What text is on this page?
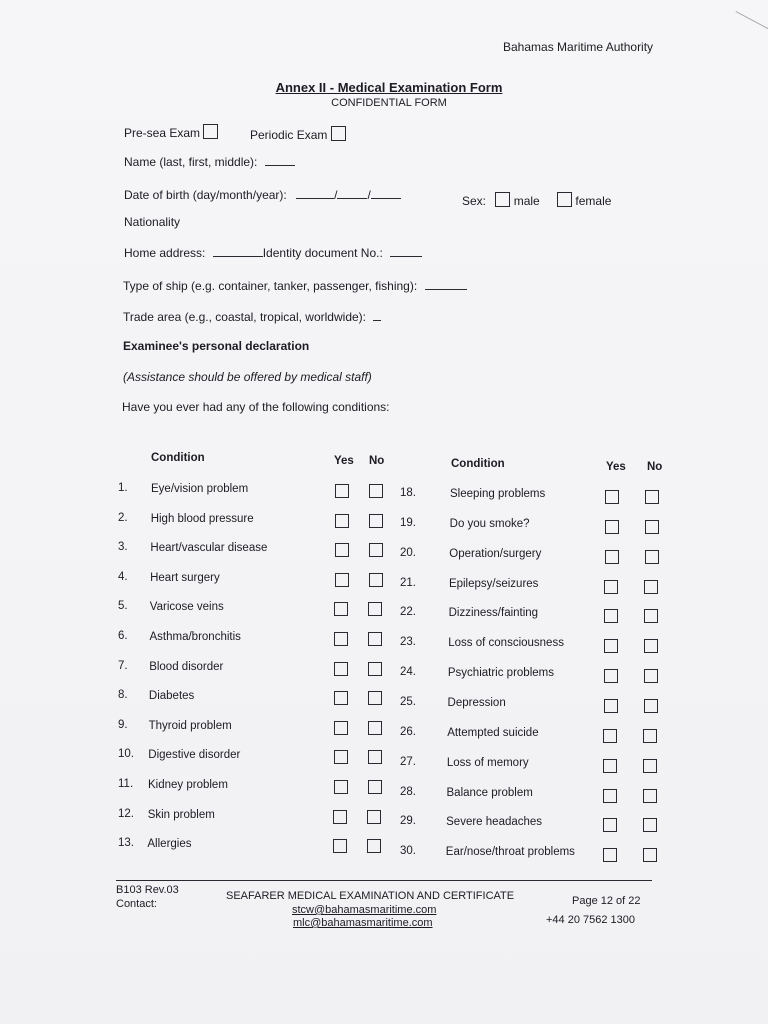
Bahamas Maritime Authority
Annex II - Medical Examination Form
CONFIDENTIAL FORM
Pre-sea Exam	Periodic Exam
Name (last, first, middle):
Date of birth (day/month/year):	/	/	Sex: male	female
Nationality
Home address:	Identity document No.:
Type of ship (e.g. container, tanker, passenger, fishing):
Trade area (e.g., coastal, tropical, worldwide):
Examinee's personal declaration
(Assistance should be offered by medical staff)
Have you ever had any of the following conditions:
Condition	Yes No	Condition	Yes No
1. Eye/vision problem
2. High blood pressure
3. Heart/vascular disease
4. Heart surgery
5. Varicose veins
6. Asthma/bronchitis
7. Blood disorder
8. Diabetes
9. Thyroid problem
10. Digestive disorder
11. Kidney problem
12. Skin problem
13. Allergies
18.	Sleeping problems
19.	Do you smoke?
20.	Operation/surgery
21.	Epilepsy/seizures
22.	Dizziness/fainting
23.	Loss of consciousness
24.	Psychiatric problems
25.	Depression
26.	Attempted suicide
27.	Loss of memory
28.	Balance problem
29.	Severe headaches
30.	Ear/nose/throat problems
B103 Rev.03
Contact:
SEAFARER MEDICAL EXAMINATION AND CERTIFICATE
stcw@bahamasmaritime.com
mlc@bahamasmaritime.com
Page 12 of 22
+44 20 7562 1300
